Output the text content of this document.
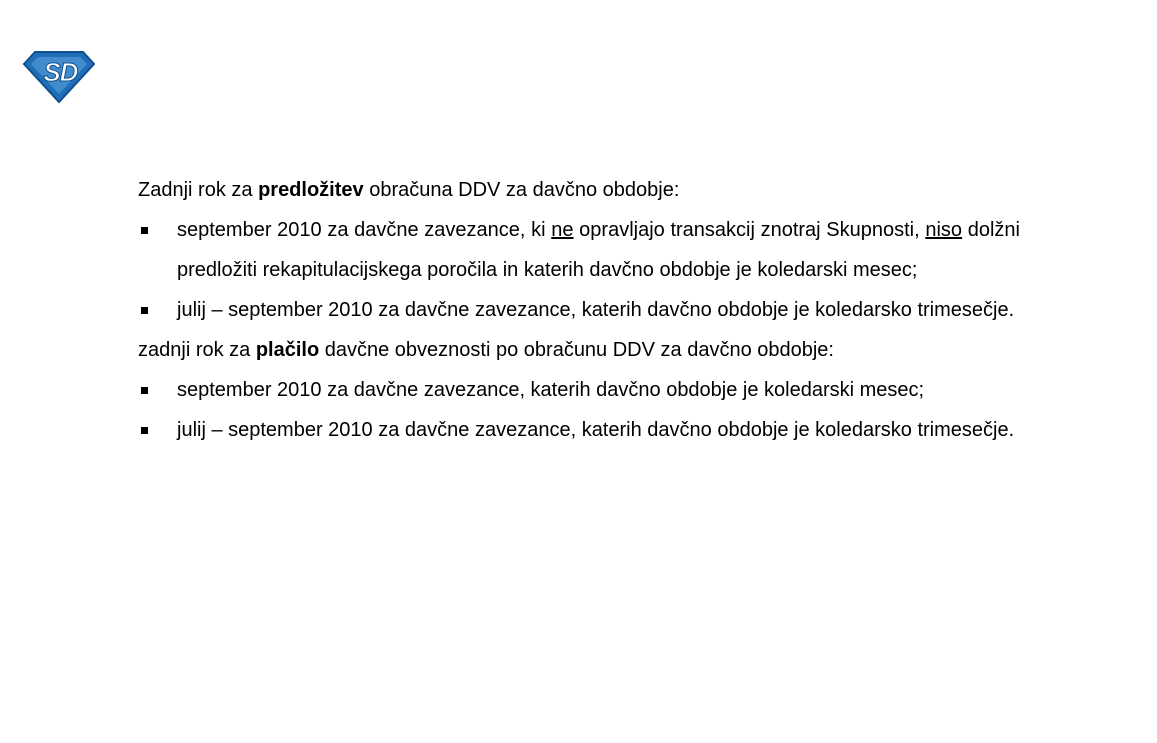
S
D

Zadnji rok za predložitev obračuna DDV za davčno obdobje:

september 2010 za davčne zavezance, ki ne opravljajo transakcij znotraj Skupnosti, niso dolžni predložiti rekapitulacijskega poročila in katerih davčno obdobje je koledarski mesec;
julij – september 2010 za davčne zavezance, katerih davčno obdobje je koledarsko trimesečje.

zadnji rok za plačilo davčne obveznosti po obračunu DDV za davčno obdobje:

september 2010 za davčne zavezance, katerih davčno obdobje je koledarski mesec;
julij – september 2010 za davčne zavezance, katerih davčno obdobje je koledarsko trimesečje.
